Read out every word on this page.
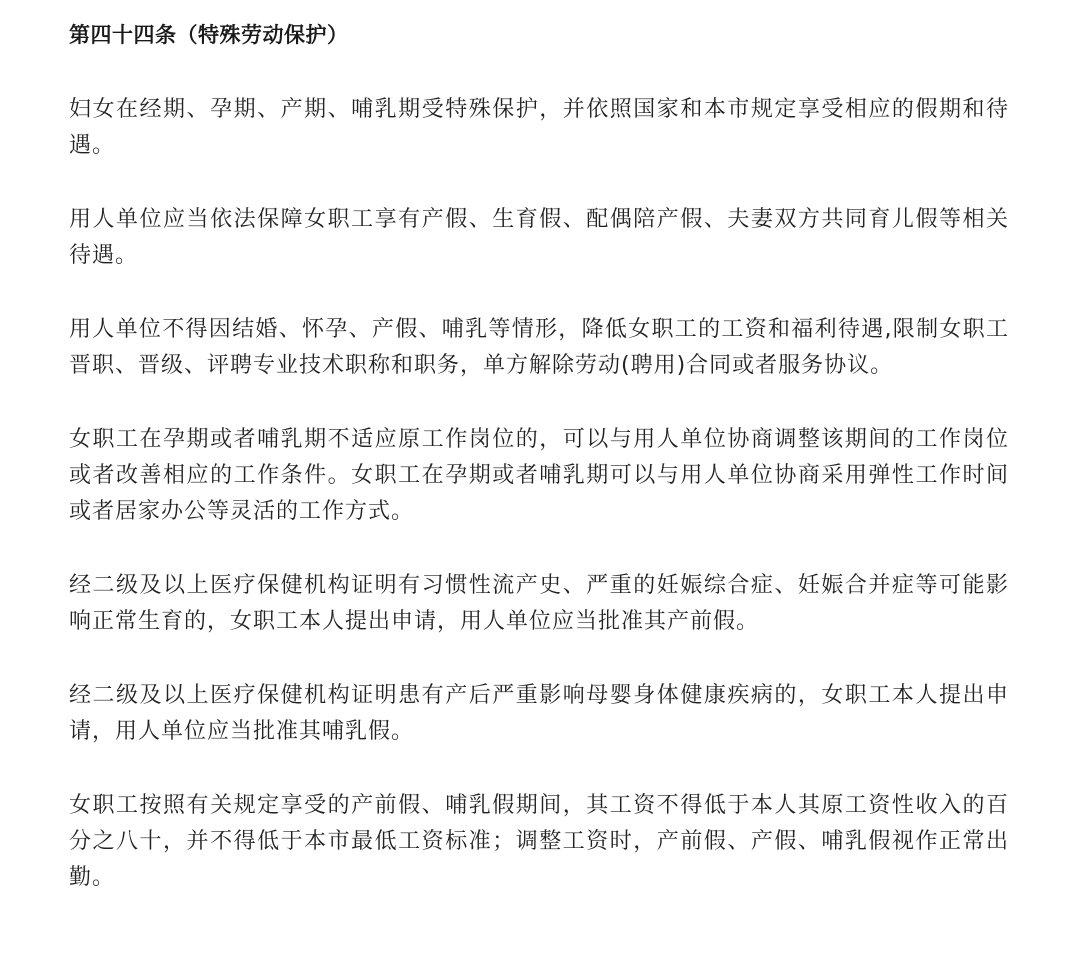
第四十四条（特殊劳动保护）

妇女在经期、孕期、产期、哺乳期受特殊保护，并依照国家和本市规定享受相应的假期和待遇。

用人单位应当依法保障女职工享有产假、生育假、配偶陪产假、夫妻双方共同育儿假等相关待遇。

用人单位不得因结婚、怀孕、产假、哺乳等情形，降低女职工的工资和福利待遇,限制女职工晋职、晋级、评聘专业技术职称和职务，单方解除劳动(聘用)合同或者服务协议。

女职工在孕期或者哺乳期不适应原工作岗位的，可以与用人单位协商调整该期间的工作岗位或者改善相应的工作条件。女职工在孕期或者哺乳期可以与用人单位协商采用弹性工作时间或者居家办公等灵活的工作方式。

经二级及以上医疗保健机构证明有习惯性流产史、严重的妊娠综合症、妊娠合并症等可能影响正常生育的，女职工本人提出申请，用人单位应当批准其产前假。

经二级及以上医疗保健机构证明患有产后严重影响母婴身体健康疾病的，女职工本人提出申请，用人单位应当批准其哺乳假。

女职工按照有关规定享受的产前假、哺乳假期间，其工资不得低于本人其原工资性收入的百分之八十，并不得低于本市最低工资标准；调整工资时，产前假、产假、哺乳假视作正常出勤。
